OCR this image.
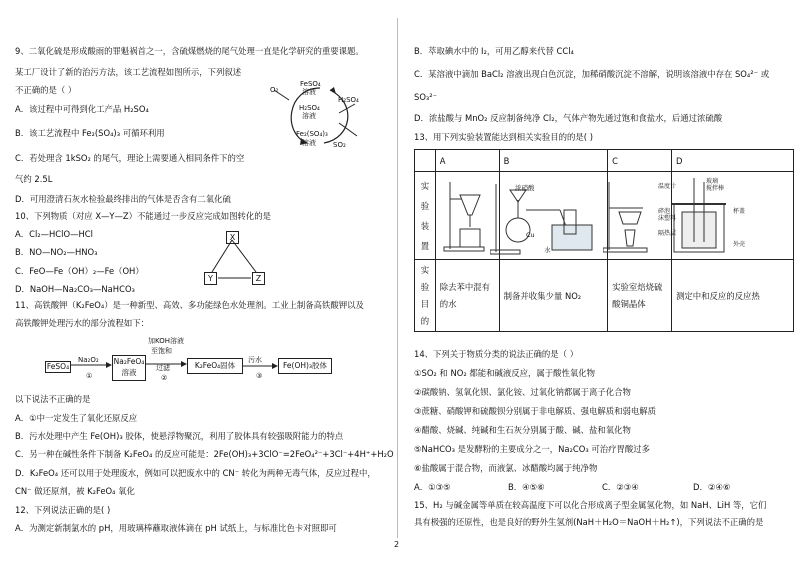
9、二氧化硫是形成酸雨的罪魁祸首之一，含硫煤燃烧的尾气处理一直是化学研究的重要课题。
某工厂设计了新的治污方法，该工艺流程如图所示，下列叙述
不正确的是（ ）
A．该过程中可得到化工产品 H₂SO₄
B．该工艺流程中 Fe₂(SO₄)₃ 可循环利用
C．若处理含 1kSO₂ 的尾气，理论上需要通入相同条件下的空
气约 2.5L
D．可用澄清石灰水检验最终排出的气体是否含有二氧化硫
O₂
FeSO₄
溶液
H₂SO₄
溶液
H₂SO₄
Fe₂(SO₄)₃
溶液 SO₂
10、下列物质（对应 X—Y—Z）不能通过一步反应完成如图转化的是
A．Cl₂—HClO—HCl
B．NO—NO₂—HNO₃
C．FeO—Fe（OH）₂—Fe（OH）
D．NaOH—Na₂CO₃—NaHCO₃
X
Y	Z
11、高铁酸钾（K₂FeO₄）是一种新型、高效、多功能绿色水处理剂。工业上制备高铁酸钾以及
高铁酸钾处理污水的部分流程如下：
FeSO₄
Na₂O₂
①
Na₂FeO₄
溶液
加KOH溶液
至饱和
过滤
②
K₂FeO₄固体
污水
③
Fe(OH)₃胶体
以下说法不正确的是
A．①中一定发生了氧化还原反应
B．污水处理中产生 Fe(OH)₃ 胶体，使悬浮物聚沉，利用了胶体具有较强吸附能力的特点
C．另一种在碱性条件下制备 K₂FeO₄ 的反应可能是：2Fe(OH)₃+3ClO⁻=2FeO₄²⁻+3Cl⁻+4H⁺+H₂O
D．K₂FeO₄ 还可以用于处理废水，例如可以把废水中的 CN⁻ 转化为两种无毒气体，反应过程中，
CN⁻ 做还原剂，被 K₂FeO₄ 氧化
12、下列说法正确的是( )
A．为测定新制氯水的 pH，用玻璃棒蘸取液体滴在 pH 试纸上，与标准比色卡对照即可
B．萃取碘水中的 I₂，可用乙醇来代替 CCl₄
C．某溶液中滴加 BaCl₂ 溶液出现白色沉淀，加稀硝酸沉淀不溶解，说明该溶液中存在 SO₄²⁻ 或
SO₃²⁻
D．浓盐酸与 MnO₂ 反应制备纯净 Cl₂，气体产物先通过饱和食盐水，后通过浓硫酸
13、用下列实验装置能达到相关实验目的的是( )
	A	B	C	D
实验装置				
实验目的	除去苯中混有的水	制备并收集少量 NO₂	实验室焙烧硫酸铜晶体	测定中和反应的反应热
浓硝酸
Cu
水
温度计
玻璃
搅拌棒
杯盖
碎泡
沫塑料
隔热层
外壳
14、下列关于物质分类的说法正确的是（ ）
①SO₂ 和 NO₂ 都能和碱液反应，属于酸性氧化物
②碳酸钠、氢氧化钡、氯化铵、过氧化钠都属于离子化合物
③蔗糖、硝酸钾和硫酸钡分别属于非电解质、强电解质和弱电解质
④醋酸、烧碱、纯碱和生石灰分别属于酸、碱、盐和氧化物
⑤NaHCO₃ 是发酵粉的主要成分之一，Na₂CO₃ 可治疗胃酸过多
⑥盐酸属于混合物，而液氯、冰醋酸均属于纯净物
A．①③⑤	B．④⑤⑥	C．②③④	D．②④⑥
15、H₂ 与碱金属等单质在较高温度下可以化合形成离子型金属氢化物，如 NaH、LiH 等，它们
具有极强的还原性，也是良好的野外生氢剂(NaH＋H₂O＝NaOH＋H₂↑)，下列说法不正确的是
2
